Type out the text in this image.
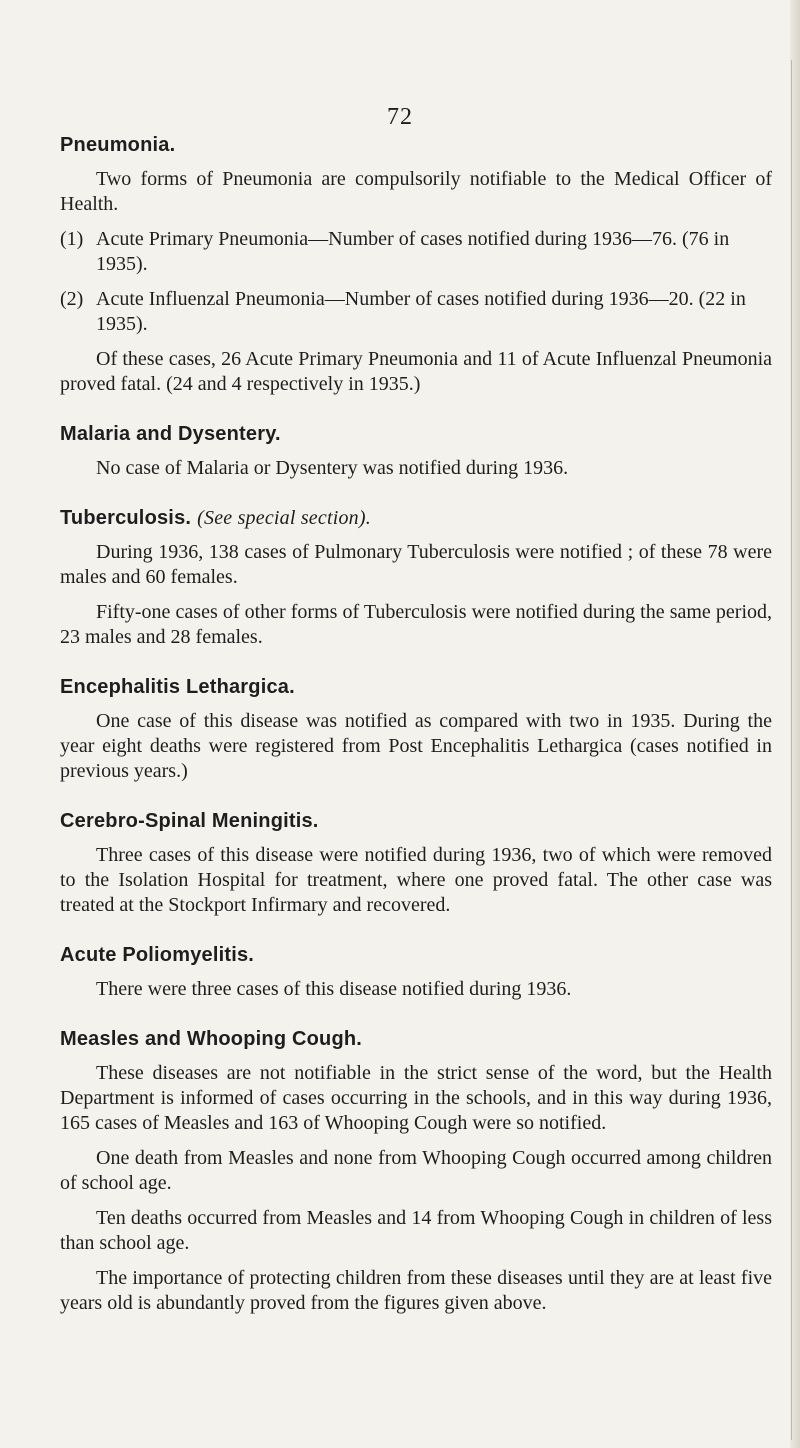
72
Pneumonia.

Two forms of Pneumonia are compulsorily notifiable to the Medical Officer of Health.

(1) Acute Primary Pneumonia—Number of cases notified during 1936—76. (76 in 1935).
(2) Acute Influenzal Pneumonia—Number of cases notified during 1936—20. (22 in 1935).

Of these cases, 26 Acute Primary Pneumonia and 11 of Acute Influenzal Pneumonia proved fatal. (24 and 4 respectively in 1935.)

Malaria and Dysentery.

No case of Malaria or Dysentery was notified during 1936.

Tuberculosis. (See special section).

During 1936, 138 cases of Pulmonary Tuberculosis were notified ; of these 78 were males and 60 females.

Fifty-one cases of other forms of Tuberculosis were notified during the same period, 23 males and 28 females.

Encephalitis Lethargica.

One case of this disease was notified as compared with two in 1935. During the year eight deaths were registered from Post Encephalitis Lethargica (cases notified in previous years.)

Cerebro-Spinal Meningitis.

Three cases of this disease were notified during 1936, two of which were removed to the Isolation Hospital for treatment, where one proved fatal. The other case was treated at the Stockport Infirmary and recovered.

Acute Poliomyelitis.

There were three cases of this disease notified during 1936.

Measles and Whooping Cough.

These diseases are not notifiable in the strict sense of the word, but the Health Department is informed of cases occurring in the schools, and in this way during 1936, 165 cases of Measles and 163 of Whooping Cough were so notified.

One death from Measles and none from Whooping Cough occurred among children of school age.

Ten deaths occurred from Measles and 14 from Whooping Cough in children of less than school age.

The importance of protecting children from these diseases until they are at least five years old is abundantly proved from the figures given above.
